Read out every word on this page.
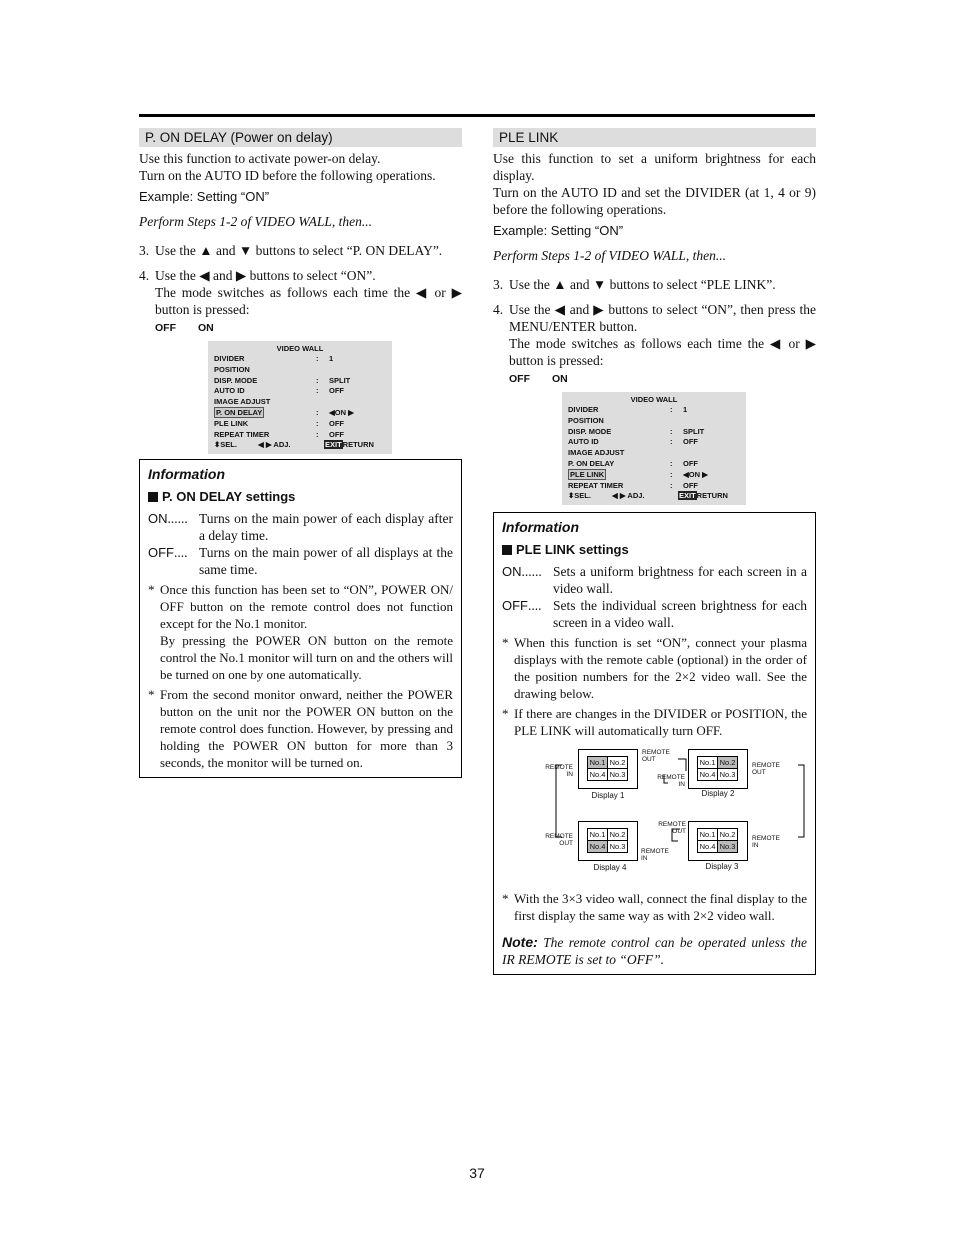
P. ON DELAY (Power on delay)

Use this function to activate power-on delay.

Turn on the AUTO ID before the following operations.

Example: Setting “ON”

Perform Steps 1-2 of VIDEO WALL, then...

3. Use the ▲ and ▼ buttons to select “P. ON DELAY”.
4. Use the ◀ and ▶ buttons to select “ON”.
The mode switches as follows each time the ◀ or ▶ button is pressed:
OFF ON
VIDEO WALL
DIVIDER	: 1
POSITION
DISP. MODE	: SPLIT
AUTO ID	: OFF
IMAGE ADJUST
P. ON DELAY	: ◀ON ▶
PLE LINK	: OFF
REPEAT TIMER	: OFF
⬍SEL.	◀ ▶ ADJ.	EXITRETURN
Information
P. ON DELAY settings
ON...... Turns on the main power of each display after a delay time.
OFF.... Turns on the main power of all displays at the same time.
* Once this function has been set to “ON”, POWER ON/ OFF button on the remote control does not function except for the No.1 monitor.
By pressing the POWER ON button on the remote control the No.1 monitor will turn on and the others will be turned on one by one automatically.
* From the second monitor onward, neither the POWER button on the unit nor the POWER ON button on the remote control does function. However, by pressing and holding the POWER ON button for more than 3 seconds, the monitor will be turned on.
PLE LINK

Use this function to set a uniform brightness for each display.

Turn on the AUTO ID and set the DIVIDER (at 1, 4 or 9) before the following operations.

Example: Setting “ON”

Perform Steps 1-2 of VIDEO WALL, then...

3. Use the ▲ and ▼ buttons to select “PLE LINK”.
4. Use the ◀ and ▶ buttons to select “ON”, then press the MENU/ENTER button.
The mode switches as follows each time the ◀ or ▶ button is pressed:
OFF ON
VIDEO WALL
DIVIDER	: 1
POSITION
DISP. MODE	: SPLIT
AUTO ID	: OFF
IMAGE ADJUST
P. ON DELAY	: OFF
PLE LINK	: ◀ON ▶
REPEAT TIMER	: OFF
⬍SEL.	◀ ▶ ADJ.	EXITRETURN
Information
PLE LINK settings
ON...... Sets a uniform brightness for each screen in a video wall.
OFF.... Sets the individual screen brightness for each screen in a video wall.
* When this function is set “ON”, connect your plasma displays with the remote cable (optional) in the order of the position numbers for the 2×2 video wall. See the drawing below.
* If there are changes in the DIVIDER or POSITION, the PLE LINK will automatically turn OFF.
No.1 No.2
No.4 No.3
Display 1
No.1 No.2
No.4 No.3
Display 2
No.1 No.2
No.4 No.3
Display 4
No.1 No.2
No.4 No.3
Display 3
REMOTE
IN
REMOTE
OUT
REMOTE
IN
REMOTE
OUT
REMOTE
OUT
REMOTE
OUT
REMOTE
IN
REMOTE
IN
* With the 3×3 video wall, connect the final display to the first display the same way as with 2×2 video wall.

Note: The remote control can be operated unless the IR REMOTE is set to “OFF”.

37
